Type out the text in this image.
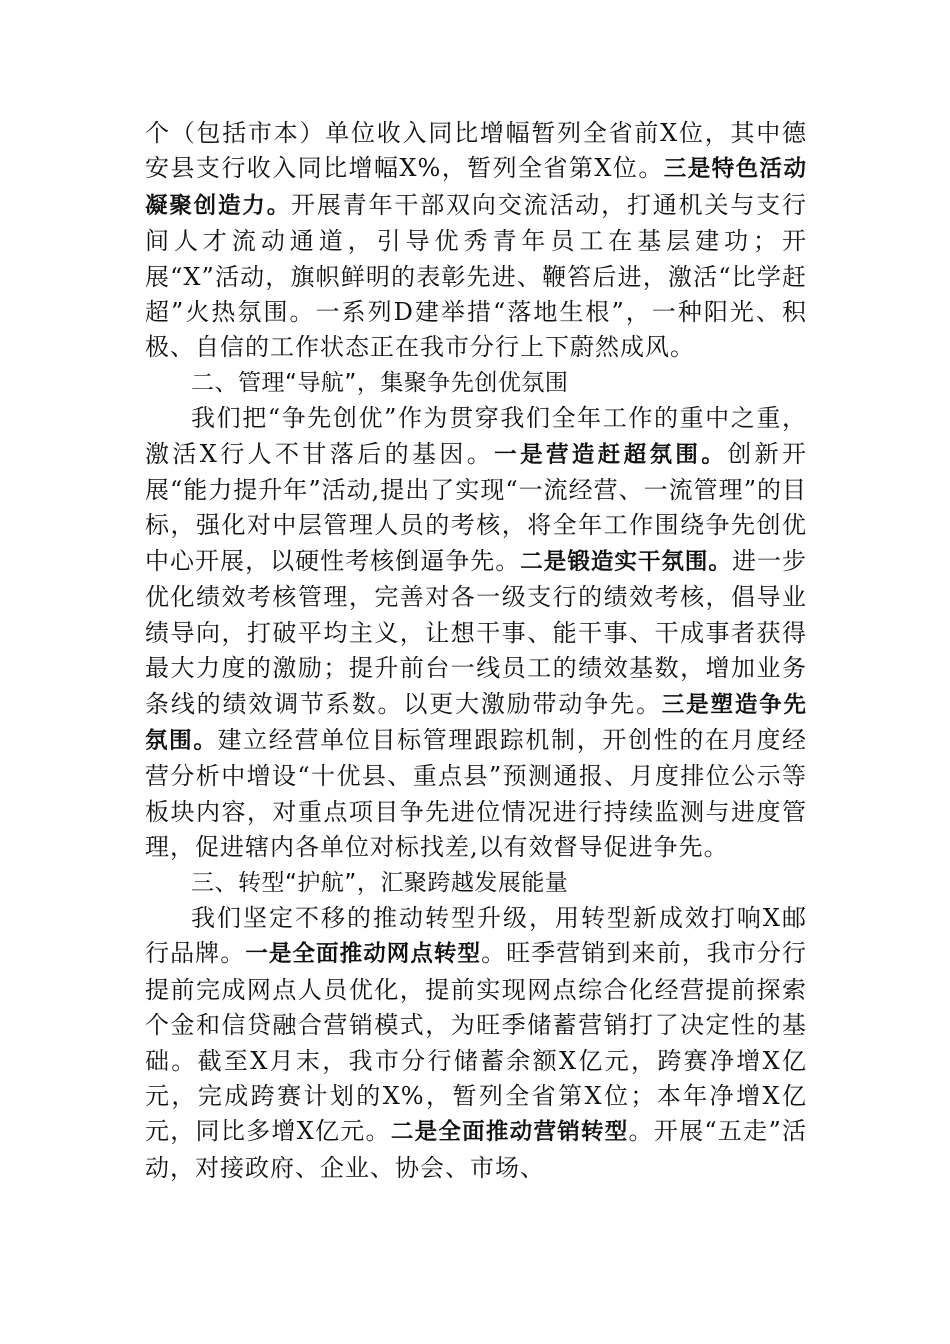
个（包括市本）单位收入同比增幅暂列全省前X位，其中德安县支行收入同比增幅X%，暂列全省第X位。三是特色活动凝聚创造力。开展青年干部双向交流活动，打通机关与支行间人才流动通道，引导优秀青年员工在基层建功；开展“X”活动，旗帜鲜明的表彰先进、鞭笞后进，激活“比学赶超”火热氛围。一系列D建举措“落地生根”，一种阳光、积极、自信的工作状态正在我市分行上下蔚然成风。

二、管理“导航”，集聚争先创优氛围

我们把“争先创优”作为贯穿我们全年工作的重中之重，激活X行人不甘落后的基因。一是营造赶超氛围。创新开展“能力提升年”活动,提出了实现“一流经营、一流管理”的目标，强化对中层管理人员的考核，将全年工作围绕争先创优中心开展，以硬性考核倒逼争先。二是锻造实干氛围。进一步优化绩效考核管理，完善对各一级支行的绩效考核，倡导业绩导向，打破平均主义，让想干事、能干事、干成事者获得最大力度的激励；提升前台一线员工的绩效基数，增加业务条线的绩效调节系数。以更大激励带动争先。三是塑造争先氛围。建立经营单位目标管理跟踪机制，开创性的在月度经营分析中增设“十优县、重点县”预测通报、月度排位公示等板块内容，对重点项目争先进位情况进行持续监测与进度管理，促进辖内各单位对标找差,以有效督导促进争先。

三、转型“护航”，汇聚跨越发展能量

我们坚定不移的推动转型升级，用转型新成效打响X邮行品牌。一是全面推动网点转型。旺季营销到来前，我市分行提前完成网点人员优化，提前实现网点综合化经营提前探索个金和信贷融合营销模式，为旺季储蓄营销打了决定性的基础。截至X月末，我市分行储蓄余额X亿元，跨赛净增X亿元，完成跨赛计划的X%，暂列全省第X位；本年净增X亿元，同比多增X亿元。二是全面推动营销转型。开展“五走”活动，对接政府、企业、协会、市场、
